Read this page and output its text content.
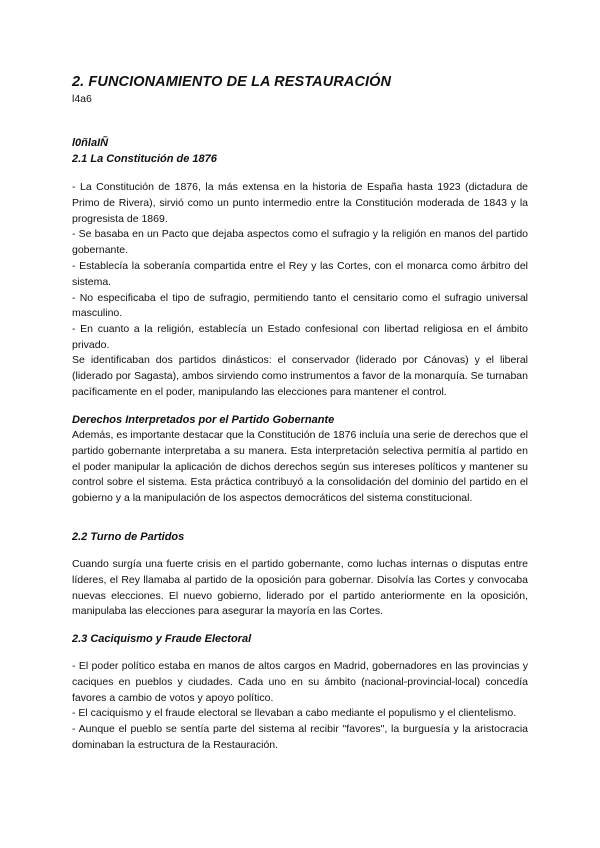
2. FUNCIONAMIENTO DE LA RESTAURACIÓN
l4a6
l0ñlaIÑ
2.1 La Constitución de 1876
- La Constitución de 1876, la más extensa en la historia de España hasta 1923 (dictadura de Primo de Rivera), sirvió como un punto intermedio entre la Constitución moderada de 1843 y la progresista de 1869.
- Se basaba en un Pacto que dejaba aspectos como el sufragio y la religión en manos del partido gobernante.
- Establecía la soberanía compartida entre el Rey y las Cortes, con el monarca como árbitro del sistema.
- No especificaba el tipo de sufragio, permitiendo tanto el censitario como el sufragio universal masculino.
- En cuanto a la religión, establecía un Estado confesional con libertad religiosa en el ámbito privado.
Se identificaban dos partidos dinásticos: el conservador (liderado por Cánovas) y el liberal (liderado por Sagasta), ambos sirviendo como instrumentos a favor de la monarquía. Se turnaban pacíficamente en el poder, manipulando las elecciones para mantener el control.
Derechos Interpretados por el Partido Gobernante
Además, es importante destacar que la Constitución de 1876 incluía una serie de derechos que el partido gobernante interpretaba a su manera. Esta interpretación selectiva permitía al partido en el poder manipular la aplicación de dichos derechos según sus intereses políticos y mantener su control sobre el sistema. Esta práctica contribuyó a la consolidación del dominio del partido en el gobierno y a la manipulación de los aspectos democráticos del sistema constitucional.
2.2 Turno de Partidos
Cuando surgía una fuerte crisis en el partido gobernante, como luchas internas o disputas entre líderes, el Rey llamaba al partido de la oposición para gobernar. Disolvía las Cortes y convocaba nuevas elecciones. El nuevo gobierno, liderado por el partido anteriormente en la oposición, manipulaba las elecciones para asegurar la mayoría en las Cortes.
2.3 Caciquismo y Fraude Electoral
- El poder político estaba en manos de altos cargos en Madrid, gobernadores en las provincias y caciques en pueblos y ciudades. Cada uno en su ámbito (nacional-provincial-local) concedía favores a cambio de votos y apoyo político.
- El caciquismo y el fraude electoral se llevaban a cabo mediante el populismo y el clientelismo.
- Aunque el pueblo se sentía parte del sistema al recibir "favores", la burguesía y la aristocracia dominaban la estructura de la Restauración.
